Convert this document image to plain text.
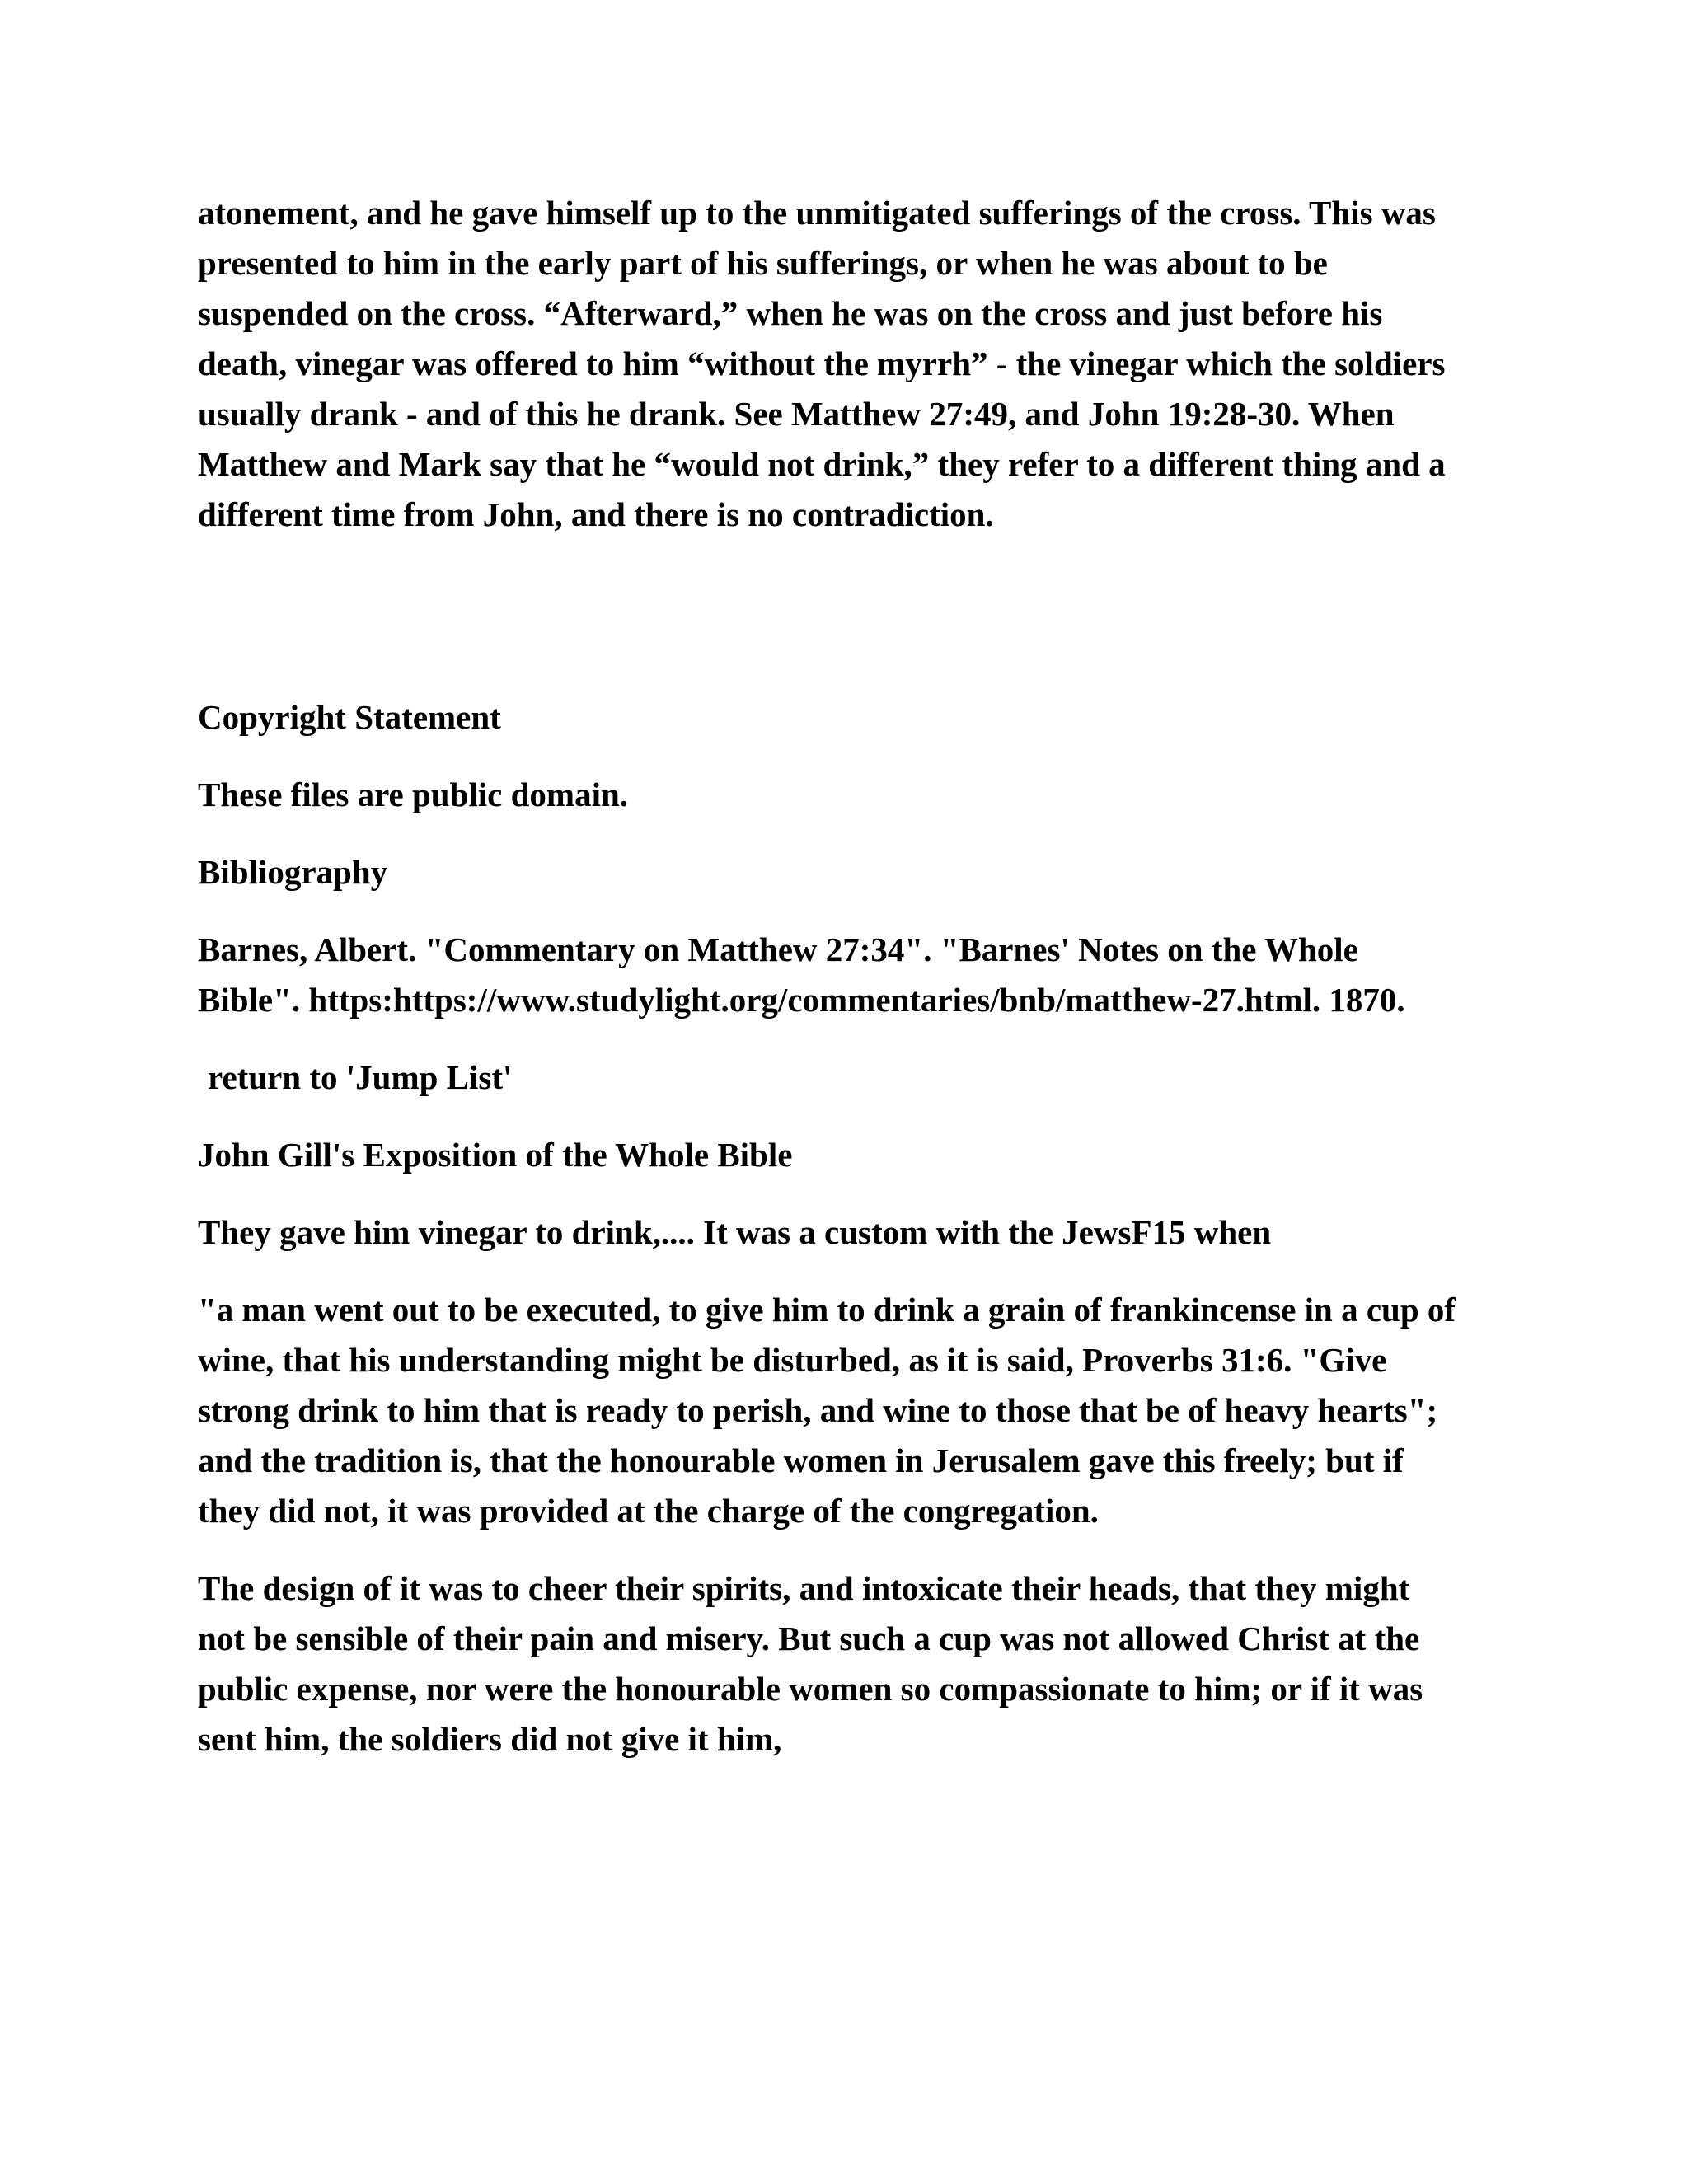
atonement, and he gave himself up to the unmitigated sufferings of the cross. This was presented to him in the early part of his sufferings, or when he was about to be suspended on the cross. “Afterward,” when he was on the cross and just before his death, vinegar was offered to him “without the myrrh” - the vinegar which the soldiers usually drank - and of this he drank. See Matthew 27:49, and John 19:28-30. When Matthew and Mark say that he “would not drink,” they refer to a different thing and a different time from John, and there is no contradiction.

Copyright Statement

These files are public domain.

Bibliography

Barnes, Albert. "Commentary on Matthew 27:34". "Barnes' Notes on the Whole Bible". https:https://www.studylight.org/commentaries/bnb/matthew-27.html. 1870.

return to 'Jump List'

John Gill's Exposition of the Whole Bible

They gave him vinegar to drink,.... It was a custom with the JewsF15 when

"a man went out to be executed, to give him to drink a grain of frankincense in a cup of wine, that his understanding might be disturbed, as it is said, Proverbs 31:6. "Give strong drink to him that is ready to perish, and wine to those that be of heavy hearts"; and the tradition is, that the honourable women in Jerusalem gave this freely; but if they did not, it was provided at the charge of the congregation.

The design of it was to cheer their spirits, and intoxicate their heads, that they might not be sensible of their pain and misery. But such a cup was not allowed Christ at the public expense, nor were the honourable women so compassionate to him; or if it was sent him, the soldiers did not give it him,
